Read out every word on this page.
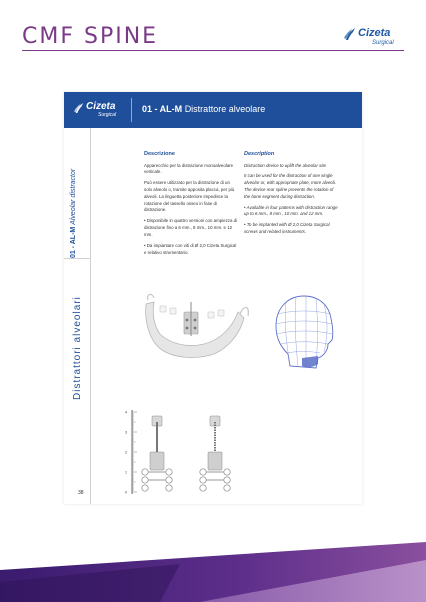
CMF SPINE	Cizeta
Surgical
Cizeta
Surgical
01 - AL-M Distrattore alveolare
01 - AL-M Alveolar distractor
Distrattori alveolari
38
Descrizione

Apparecchio per la distrazione monoalveolare verticale.

Può essere utilizzato per la distrazione di un solo alveolo o, tramite apposita placca, per più alveoli. La linguetta posteriore impedisce la rotazione del tassello osseo in fase di distrazione.

• Disponibile in quattro versioni con ampiezza di distrazione fino a 6 mm., 8 mm., 10 mm. e 12 mm.

• Da impiantare con viti di Ø 2,0 Cizeta Surgical e relativo strumentario.

Description

Distraction device to uplift the alveolar site

It can be used for the distraction of one single alveolar or, with appropriate plate, more alveoli. The device rear spline prevents the rotation of the bone segment during distraction.

• Available in four patterns with distraction range up to 6 mm., 8 mm., 10 mm. and 12 mm.

• To be implanted with Ø 2,0 Cizeta Surgical screws and related instruments.

4
3
2
1
0
